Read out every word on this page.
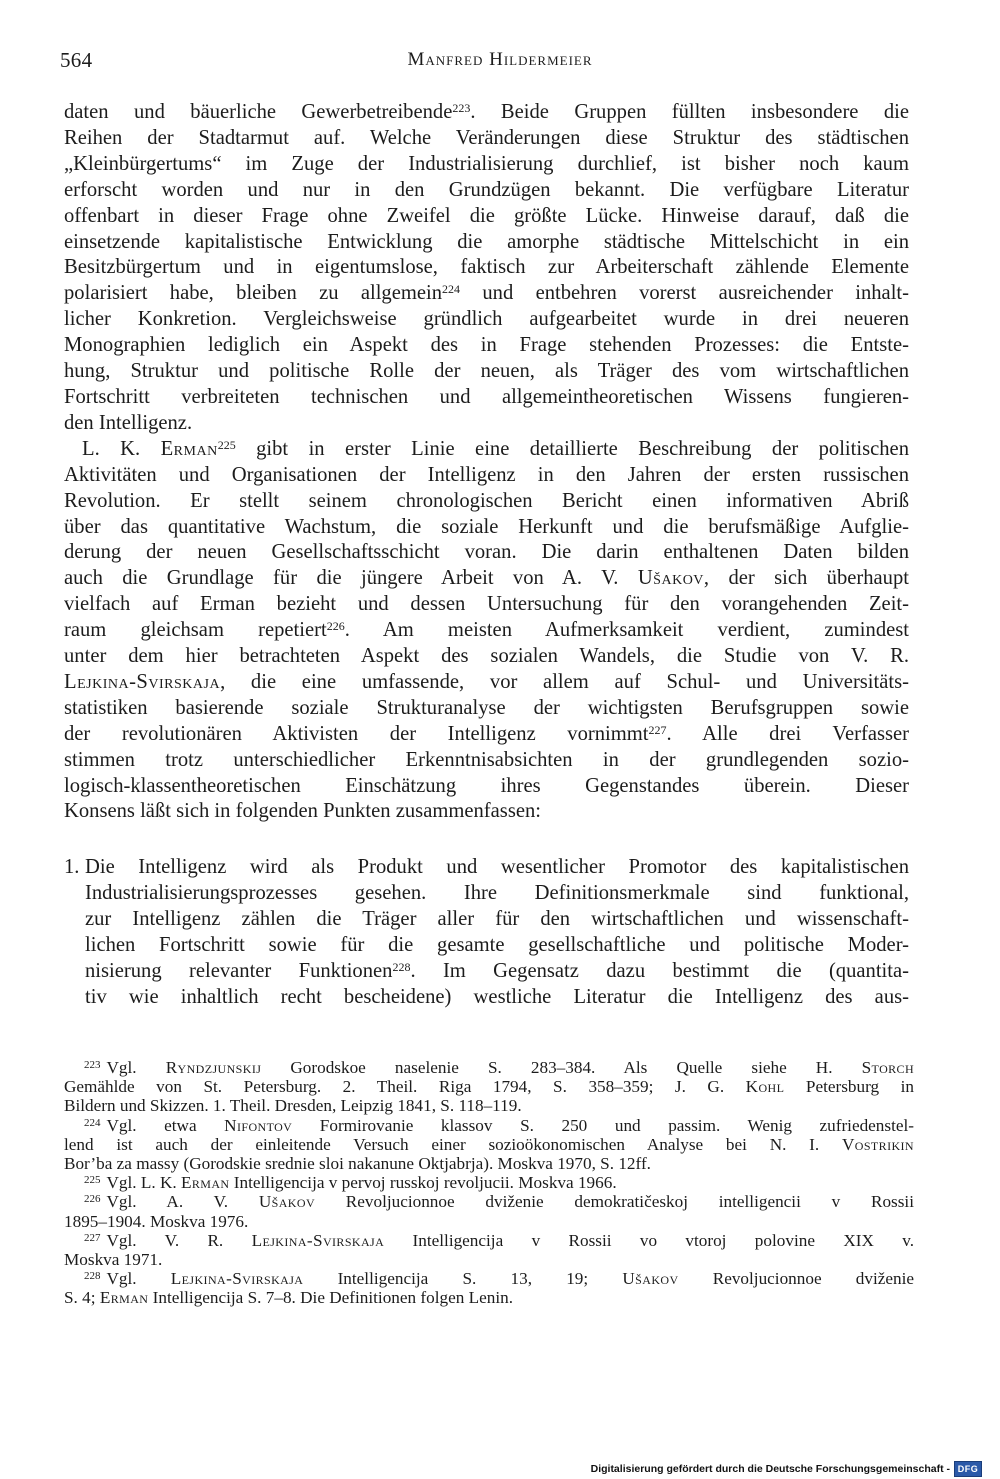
564	Manfred Hildermeier

daten und bäuerliche Gewerbetreibende$^{223}$. Beide Gruppen füllten insbesondere die
Reihen der Stadtarmut auf. Welche Veränderungen diese Struktur des städtischen
„Kleinbürgertums“ im Zuge der Industrialisierung durchlief, ist bisher noch kaum
erforscht worden und nur in den Grundzügen bekannt. Die verfügbare Literatur
offenbart in dieser Frage ohne Zweifel die größte Lücke. Hinweise darauf, daß die
einsetzende kapitalistische Entwicklung die amorphe städtische Mittelschicht in ein
Besitzbürgertum und in eigentumslose, faktisch zur Arbeiterschaft zählende Elemente
polarisiert habe, bleiben zu allgemein$^{224}$ und entbehren vorerst ausreichender inhalt-
licher Konkretion. Vergleichsweise gründlich aufgearbeitet wurde in drei neueren
Monographien lediglich ein Aspekt des in Frage stehenden Prozesses: die Entste-
hung, Struktur und politische Rolle der neuen, als Träger des vom wirtschaftlichen
Fortschritt verbreiteten technischen und allgemeintheoretischen Wissens fungieren-
den Intelligenz.

L. K. Erman$^{225}$ gibt in erster Linie eine detaillierte Beschreibung der politischen

Aktivitäten und Organisationen der Intelligenz in den Jahren der ersten russischen
Revolution. Er stellt seinem chronologischen Bericht einen informativen Abriß
über das quantitative Wachstum, die soziale Herkunft und die berufsmäßige Aufglie-
derung der neuen Gesellschaftsschicht voran. Die darin enthaltenen Daten bilden
auch die Grundlage für die jüngere Arbeit von A. V. Ušakov, der sich überhaupt
vielfach auf Erman bezieht und dessen Untersuchung für den vorangehenden Zeit-
raum gleichsam repetiert$^{226}$. Am meisten Aufmerksamkeit verdient, zumindest
unter dem hier betrachteten Aspekt des sozialen Wandels, die Studie von V. R.
Lejkina-Svirskaja, die eine umfassende, vor allem auf Schul- und Universitäts-
statistiken basierende soziale Strukturanalyse der wichtigsten Berufsgruppen sowie
der revolutionären Aktivisten der Intelligenz vornimmt$^{227}$. Alle drei Verfasser
stimmen trotz unterschiedlicher Erkenntnisabsichten in der grundlegenden sozio-
logisch-klassentheoretischen Einschätzung ihres Gegenstandes überein. Dieser
Konsens läßt sich in folgenden Punkten zusammenfassen:

1. Die Intelligenz wird als Produkt und wesentlicher Promotor des kapitalistischen
Industrialisierungsprozesses gesehen. Ihre Definitionsmerkmale sind funktional,
zur Intelligenz zählen die Träger aller für den wirtschaftlichen und wissenschaft-
lichen Fortschritt sowie für die gesamte gesellschaftliche und politische Moder-
nisierung relevanter Funktionen$^{228}$. Im Gegensatz dazu bestimmt die (quantita-
tiv wie inhaltlich recht bescheidene) westliche Literatur die Intelligenz des aus-

$^{223}$ Vgl. Ryndzjunskij Gorodskoe naselenie S. 283–384. Als Quelle siehe H. Storch
Gemählde von St. Petersburg. 2. Theil. Riga 1794, S. 358–359; J. G. Kohl Petersburg in
Bildern und Skizzen. 1. Theil. Dresden, Leipzig 1841, S. 118–119.

$^{224}$ Vgl. etwa Nifontov Formirovanie klassov S. 250 und passim. Wenig zufriedenstel-
lend ist auch der einleitende Versuch einer sozioökonomischen Analyse bei N. I. Vostrikin
Bor’ba za massy (Gorodskie srednie sloi nakanune Oktjabrja). Moskva 1970, S. 12ff.

$^{225}$ Vgl. L. K. Erman Intelligencija v pervoj russkoj revoljucii. Moskva 1966.

$^{226}$ Vgl. A. V. Ušakov Revoljucionnoe dviženie demokratičeskoj intelligencii v Rossii
1895–1904. Moskva 1976.

$^{227}$ Vgl. V. R. Lejkina-Svirskaja Intelligencija v Rossii vo vtoroj polovine XIX v.
Moskva 1971.

$^{228}$ Vgl. Lejkina-Svirskaja Intelligencija S. 13, 19; Ušakov Revoljucionnoe dviženie
S. 4; Erman Intelligencija S. 7–8. Die Definitionen folgen Lenin.

Digitalisierung gefördert durch die Deutsche Forschungsgemeinschaft - DFG
